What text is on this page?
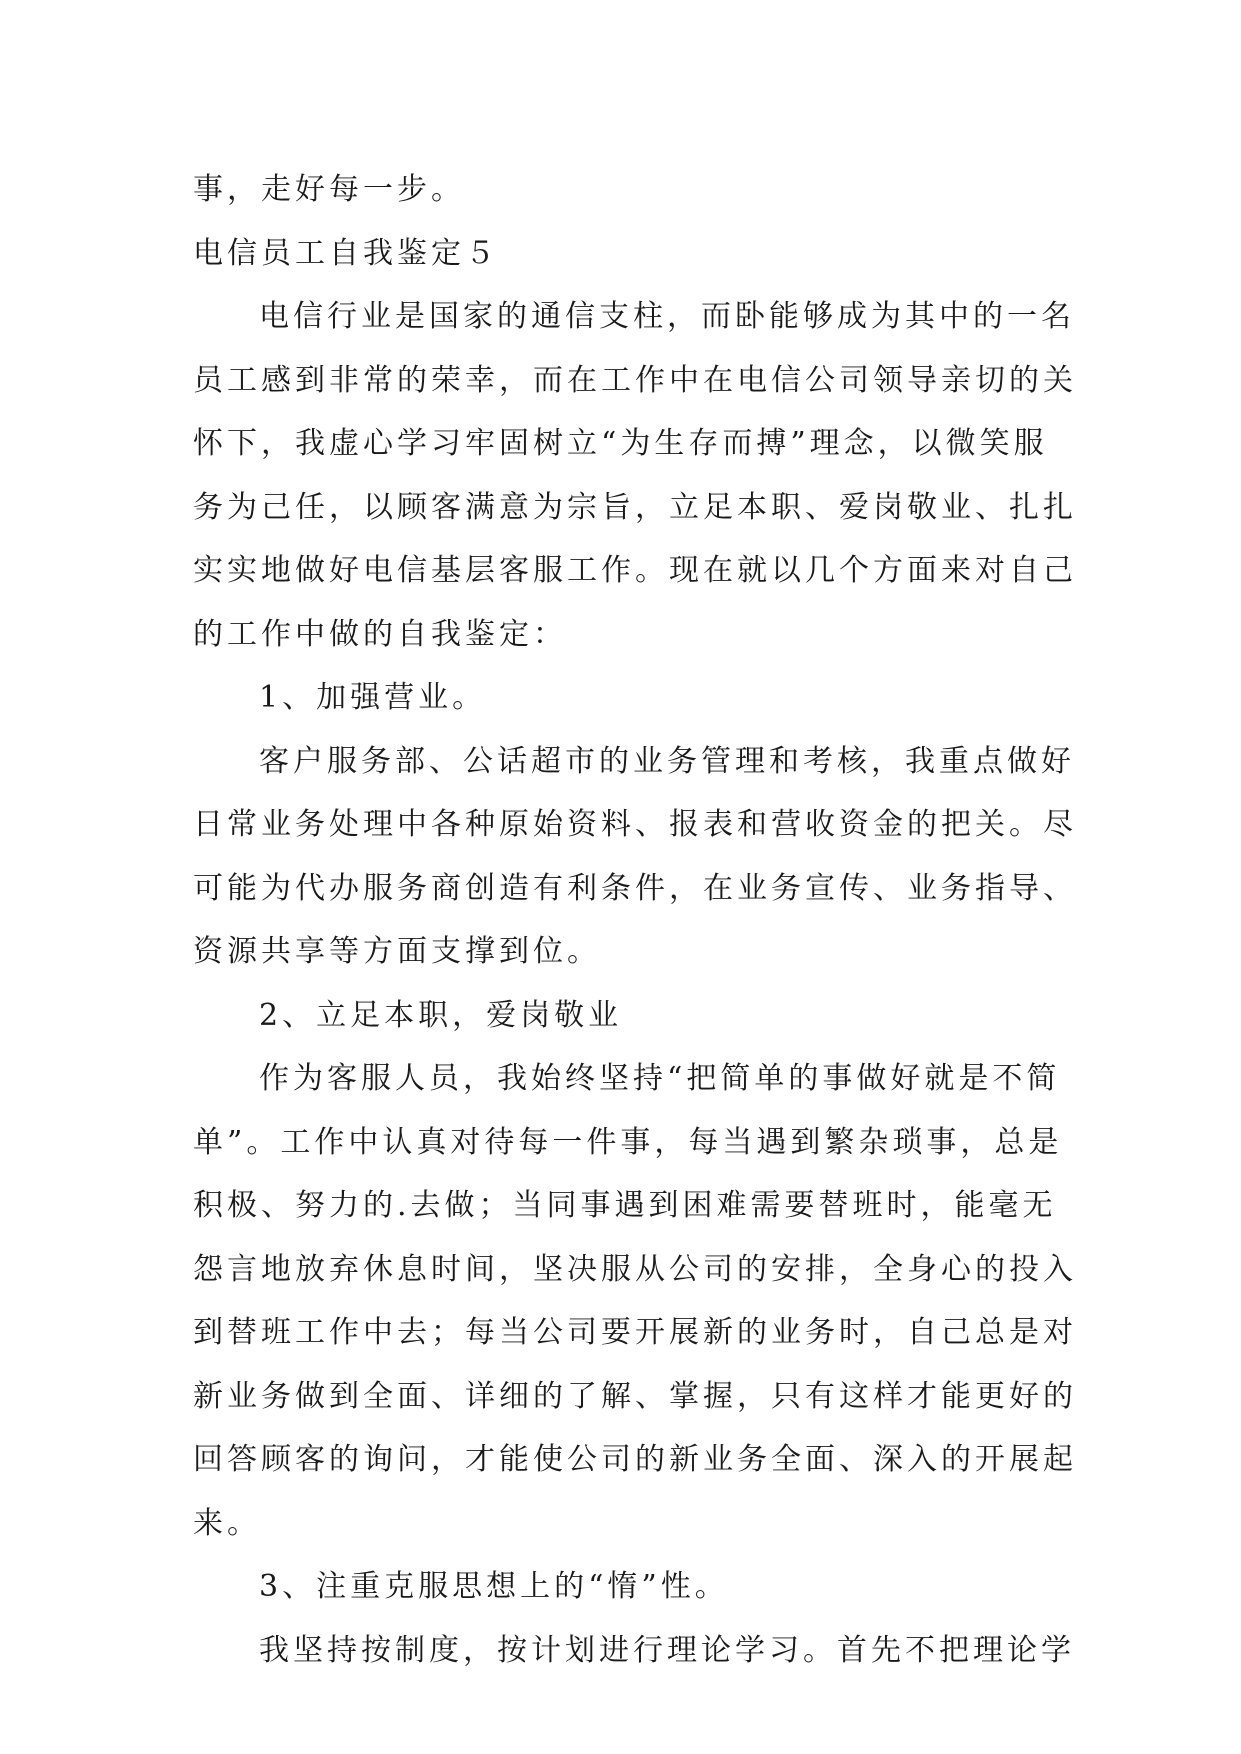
事，走好每一步。

电信员工自我鉴定５

电信行业是国家的通信支柱，而卧能够成为其中的一名

员工感到非常的荣幸，而在工作中在电信公司领导亲切的关

怀下，我虚心学习牢固树立“为生存而搏”理念，以微笑服

务为己任，以顾客满意为宗旨，立足本职、爱岗敬业、扎扎

实实地做好电信基层客服工作。现在就以几个方面来对自己

的工作中做的自我鉴定：

1、加强营业。

客户服务部、公话超市的业务管理和考核，我重点做好

日常业务处理中各种原始资料、报表和营收资金的把关。尽

可能为代办服务商创造有利条件，在业务宣传、业务指导、

资源共享等方面支撑到位。

2、立足本职，爱岗敬业

作为客服人员，我始终坚持“把简单的事做好就是不简

单”。工作中认真对待每一件事，每当遇到繁杂琐事，总是

积极、努力的.去做；当同事遇到困难需要替班时，能毫无

怨言地放弃休息时间，坚决服从公司的安排，全身心的投入

到替班工作中去；每当公司要开展新的业务时，自己总是对

新业务做到全面、详细的了解、掌握，只有这样才能更好的

回答顾客的询问，才能使公司的新业务全面、深入的开展起

来。

3、注重克服思想上的“惰”性。

我坚持按制度，按计划进行理论学习。首先不把理论学
